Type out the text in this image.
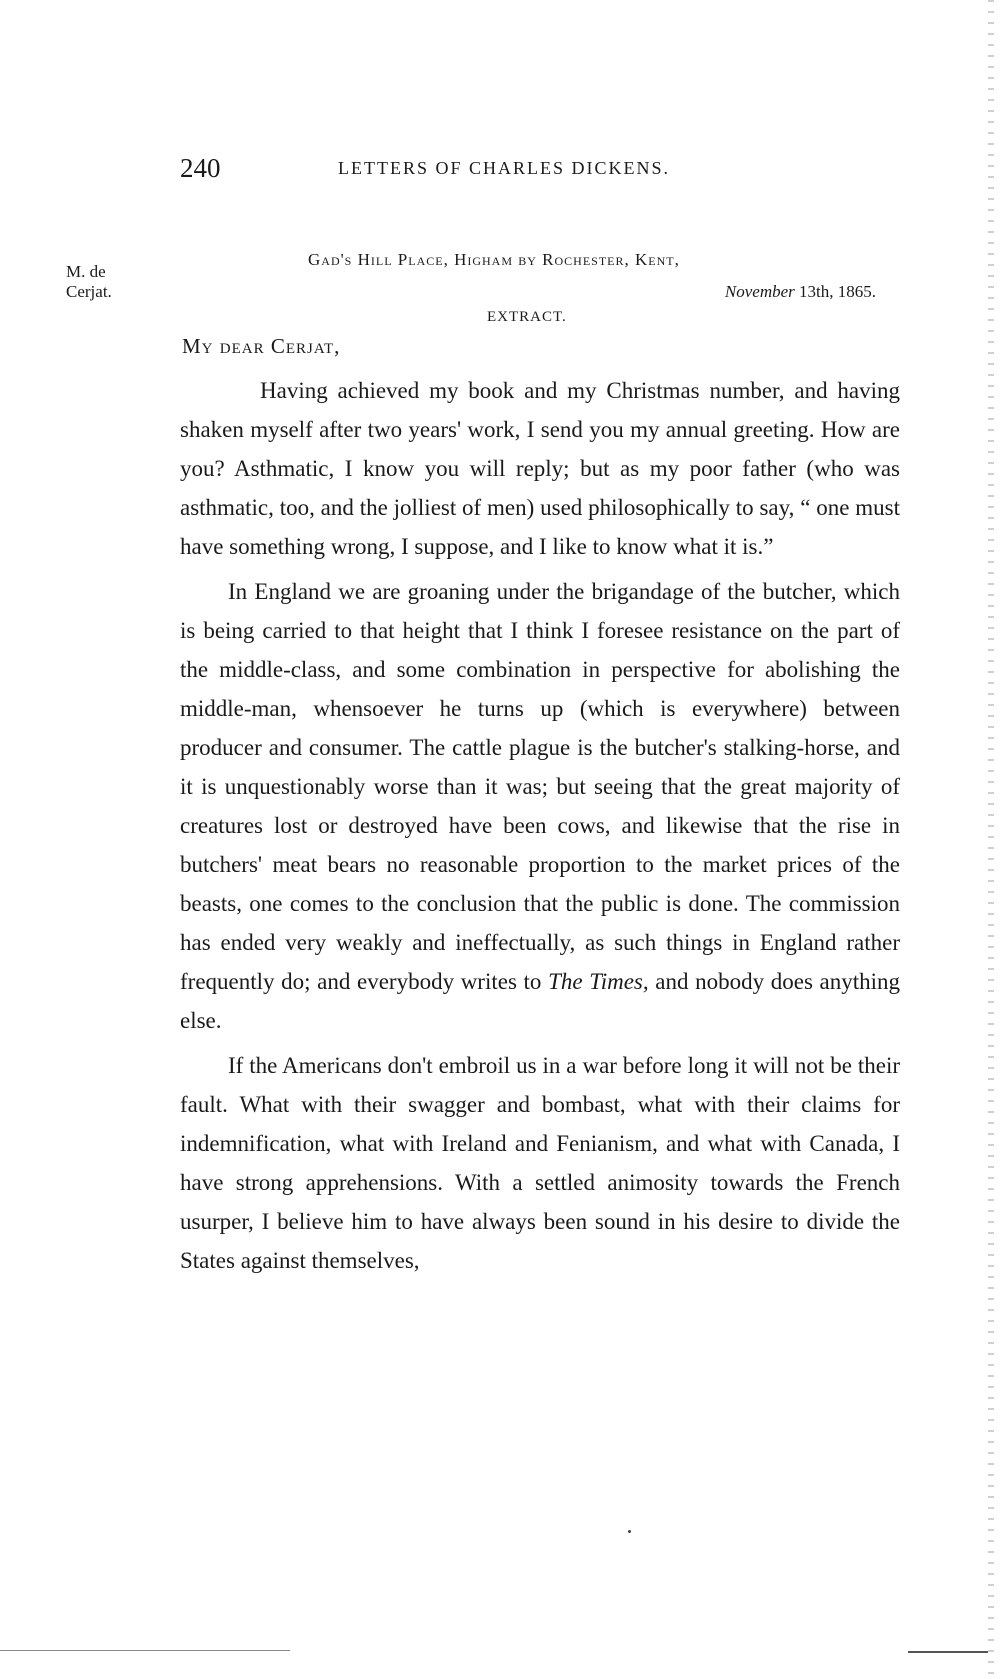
240	LETTERS OF CHARLES DICKENS.
M. de
Cerjat.
Gad's Hill Place, Higham by Rochester, Kent,
November 13th, 1865.
EXTRACT.
My dear Cerjat,

Having achieved my book and my Christmas number, and having shaken myself after two years' work, I send you my annual greeting. How are you? Asthmatic, I know you will reply; but as my poor father (who was asthmatic, too, and the jolliest of men) used philosophically to say, “ one must have something wrong, I suppose, and I like to know what it is.”

In England we are groaning under the brigandage of the butcher, which is being carried to that height that I think I foresee resistance on the part of the middle-class, and some combination in perspective for abolishing the middle-man, whensoever he turns up (which is everywhere) between producer and consumer. The cattle plague is the butcher's stalking-horse, and it is unquestionably worse than it was; but seeing that the great majority of creatures lost or destroyed have been cows, and likewise that the rise in butchers' meat bears no reasonable proportion to the market prices of the beasts, one comes to the conclusion that the public is done. The commission has ended very weakly and ineffectually, as such things in England rather frequently do; and everybody writes to The Times, and nobody does anything else.

If the Americans don't embroil us in a war before long it will not be their fault. What with their swagger and bombast, what with their claims for indemnification, what with Ireland and Fenianism, and what with Canada, I have strong apprehensions. With a settled animosity towards the French usurper, I believe him to have always been sound in his desire to divide the States against themselves,
